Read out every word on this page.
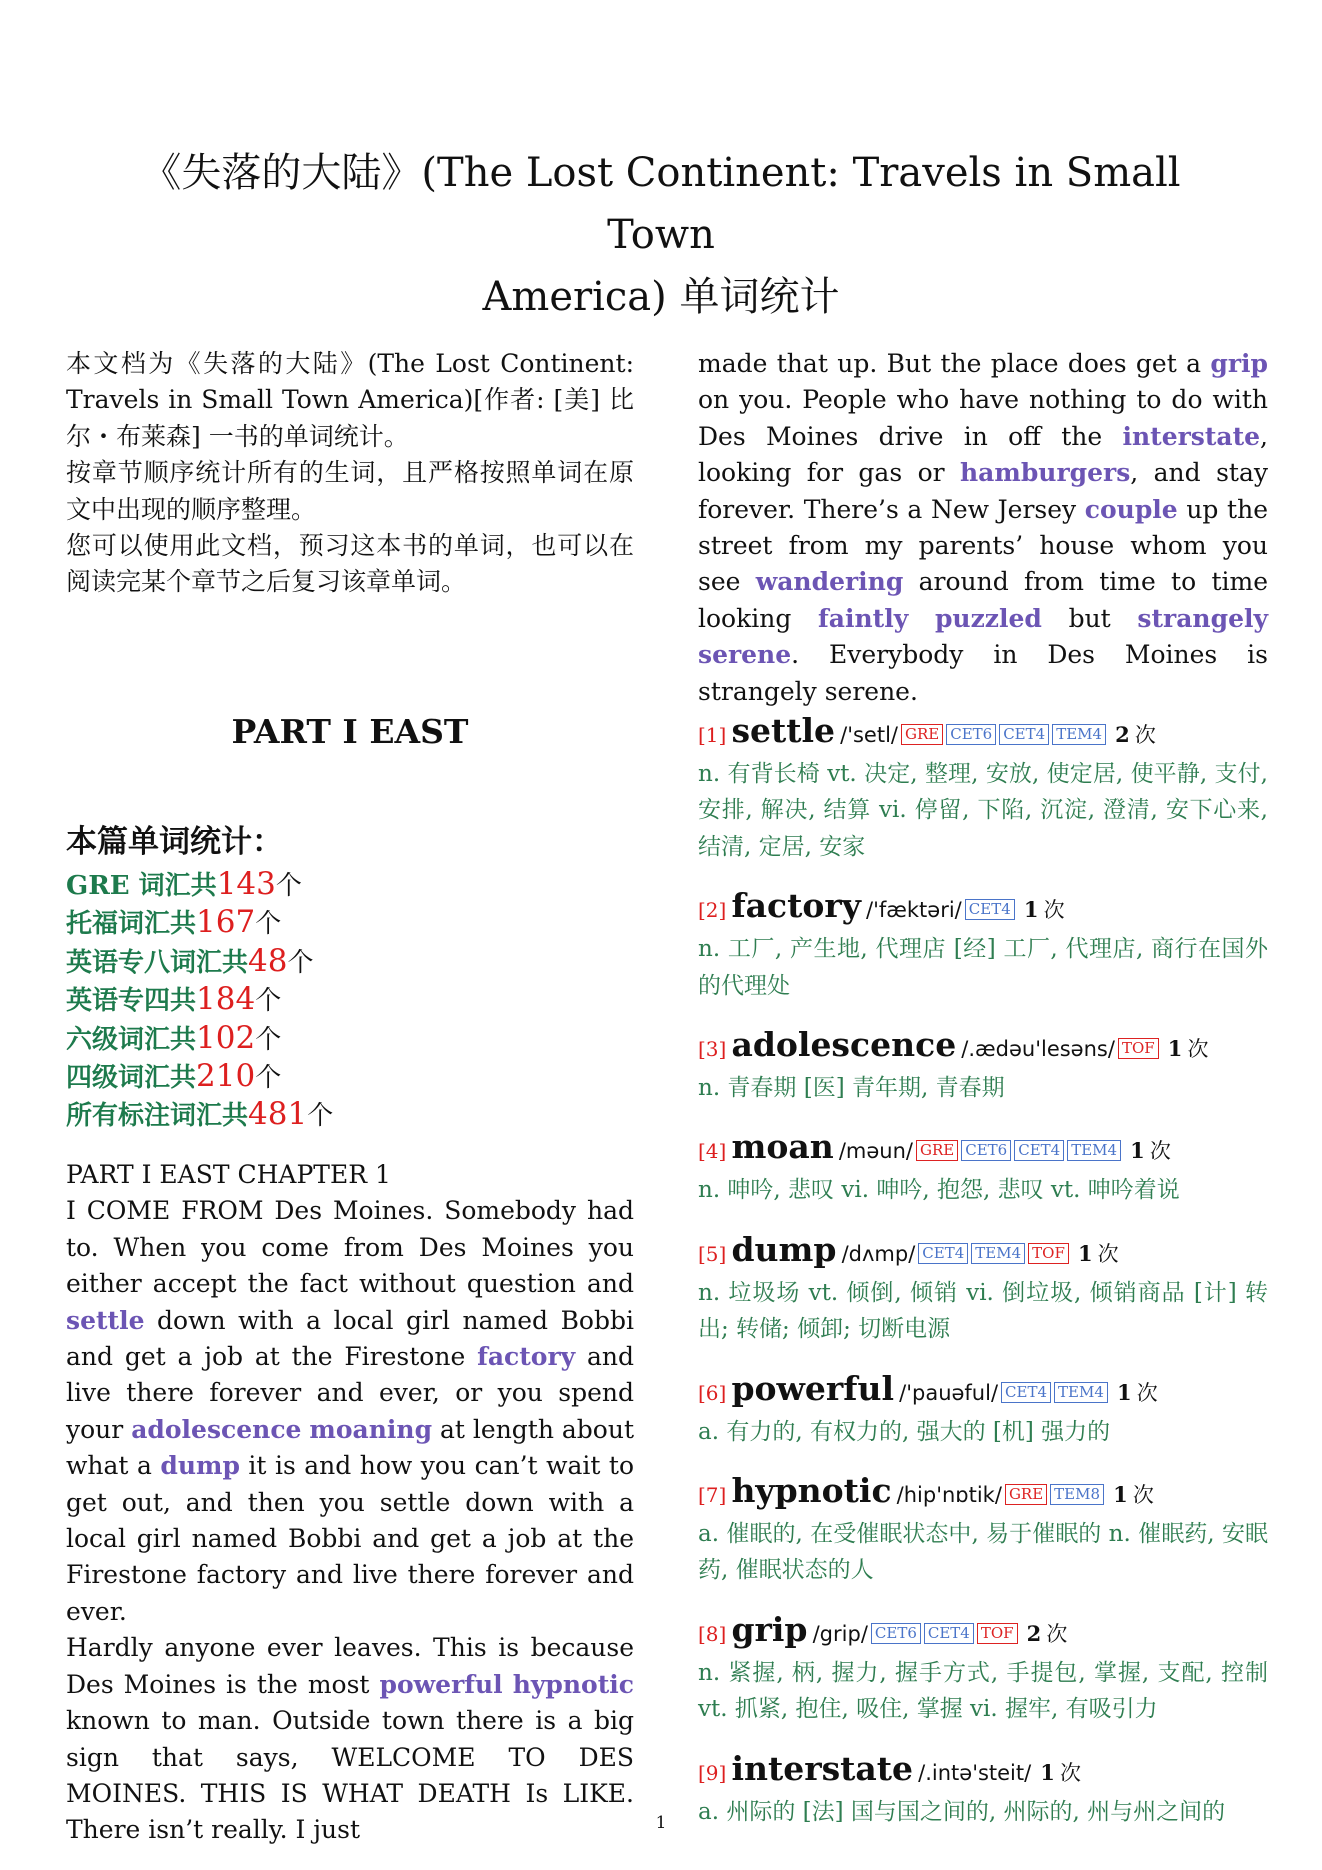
《失落的大陆》(The Lost Continent: Travels in Small Town
America) 单词统计

本文档为《失落的大陆》(The Lost Continent: Travels in Small Town America)[作者: [美] 比尔・布莱森] 一书的单词统计。

按章节顺序统计所有的生词，且严格按照单词在原文中出现的顺序整理。

您可以使用此文档，预习这本书的单词，也可以在阅读完某个章节之后复习该章单词。

PART I EAST
本篇单词统计：
GRE 词汇共143个
托福词汇共167个
英语专八词汇共48个
英语专四共184个
六级词汇共102个
四级词汇共210个
所有标注词汇共481个
PART I EAST CHAPTER 1

I COME FROM Des Moines. Somebody had to. When you come from Des Moines you either accept the fact without question and settle down with a local girl named Bobbi and get a job at the Firestone factory and live there forever and ever, or you spend your adolescence moaning at length about what a dump it is and how you can’t wait to get out, and then you settle down with a local girl named Bobbi and get a job at the Firestone factory and live there forever and ever.

Hardly anyone ever leaves. This is because Des Moines is the most powerful hypnotic known to man. Outside town there is a big sign that says, WELCOME TO DES MOINES. THIS IS WHAT DEATH Is LIKE. There isn’t really. I just

made that up. But the place does get a grip on you. People who have nothing to do with Des Moines drive in off the interstate, looking for gas or hamburgers, and stay forever. There’s a New Jersey couple up the street from my parents’ house whom you see wandering around from time to time looking faintly puzzled but strangely serene. Everybody in Des Moines is strangely serene.

[1] settle /'setl/ GRE CET6 CET4 TEM4 2 次
n. 有背长椅 vt. 决定, 整理, 安放, 使定居, 使平静, 支付, 安排, 解决, 结算 vi. 停留, 下陷, 沉淀, 澄清, 安下心来, 结清, 定居, 安家
[2] factory /'fæktəri/ CET4 1 次
n. 工厂, 产生地, 代理店 [经] 工厂, 代理店, 商行在国外的代理处
[3] adolescence /.ædəu'lesəns/ TOF 1 次
n. 青春期 [医] 青年期, 青春期
[4] moan /məun/ GRE CET6 CET4 TEM4 1 次
n. 呻吟, 悲叹 vi. 呻吟, 抱怨, 悲叹 vt. 呻吟着说
[5] dump /dʌmp/ CET4 TEM4 TOF 1 次
n. 垃圾场 vt. 倾倒, 倾销 vi. 倒垃圾, 倾销商品 [计] 转出; 转储; 倾卸; 切断电源
[6] powerful /'pauəful/ CET4 TEM4 1 次
a. 有力的, 有权力的, 强大的 [机] 强力的
[7] hypnotic /hip'nɒtik/ GRE TEM8 1 次
a. 催眠的, 在受催眠状态中, 易于催眠的 n. 催眠药, 安眠药, 催眠状态的人
[8] grip /grip/ CET6 CET4 TOF 2 次
n. 紧握, 柄, 握力, 握手方式, 手提包, 掌握, 支配, 控制 vt. 抓紧, 抱住, 吸住, 掌握 vi. 握牢, 有吸引力
[9] interstate /.intə'steit/ 1 次
a. 州际的 [法] 国与国之间的, 州际的, 州与州之间的
1
